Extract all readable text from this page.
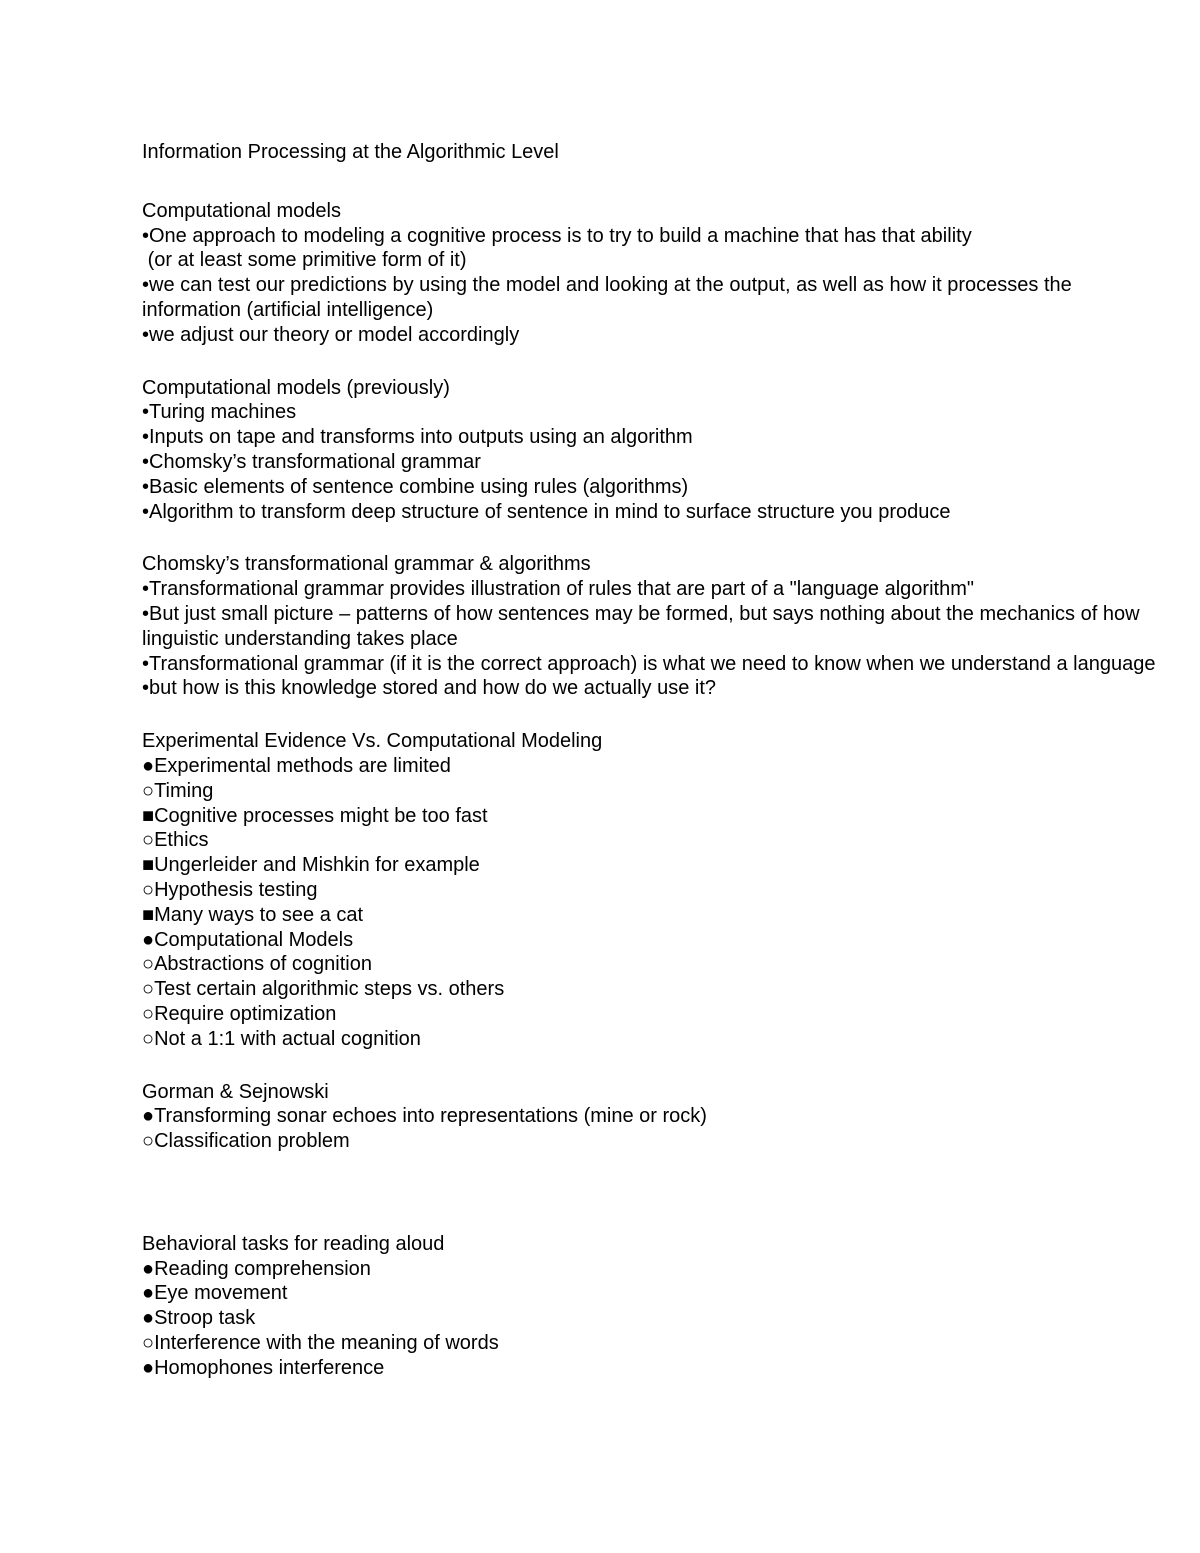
Information Processing at the Algorithmic Level

Computational models

•One approach to modeling a cognitive process is to try to build a machine that has that ability

(or at least some primitive form of it)

•we can test our predictions by using the model and looking at the output, as well as how it processes the information (artificial intelligence)

•we adjust our theory or model accordingly

Computational models (previously)

•Turing machines

•Inputs on tape and transforms into outputs using an algorithm

•Chomsky’s transformational grammar

•Basic elements of sentence combine using rules (algorithms)

•Algorithm to transform deep structure of sentence in mind to surface structure you produce

Chomsky’s transformational grammar & algorithms

•Transformational grammar provides illustration of rules that are part of a "language algorithm"

•But just small picture – patterns of how sentences may be formed, but says nothing about the mechanics of how linguistic understanding takes place

•Transformational grammar (if it is the correct approach) is what we need to know when we understand a language

•but how is this knowledge stored and how do we actually use it?

Experimental Evidence Vs. Computational Modeling

●Experimental methods are limited

○Timing

■Cognitive processes might be too fast

○Ethics

■Ungerleider and Mishkin for example

○Hypothesis testing

■Many ways to see a cat

●Computational Models

○Abstractions of cognition

○Test certain algorithmic steps vs. others

○Require optimization

○Not a 1:1 with actual cognition

Gorman & Sejnowski

●Transforming sonar echoes into representations (mine or rock)

○Classification problem

Behavioral tasks for reading aloud

●Reading comprehension

●Eye movement

●Stroop task

○Interference with the meaning of words

●Homophones interference
